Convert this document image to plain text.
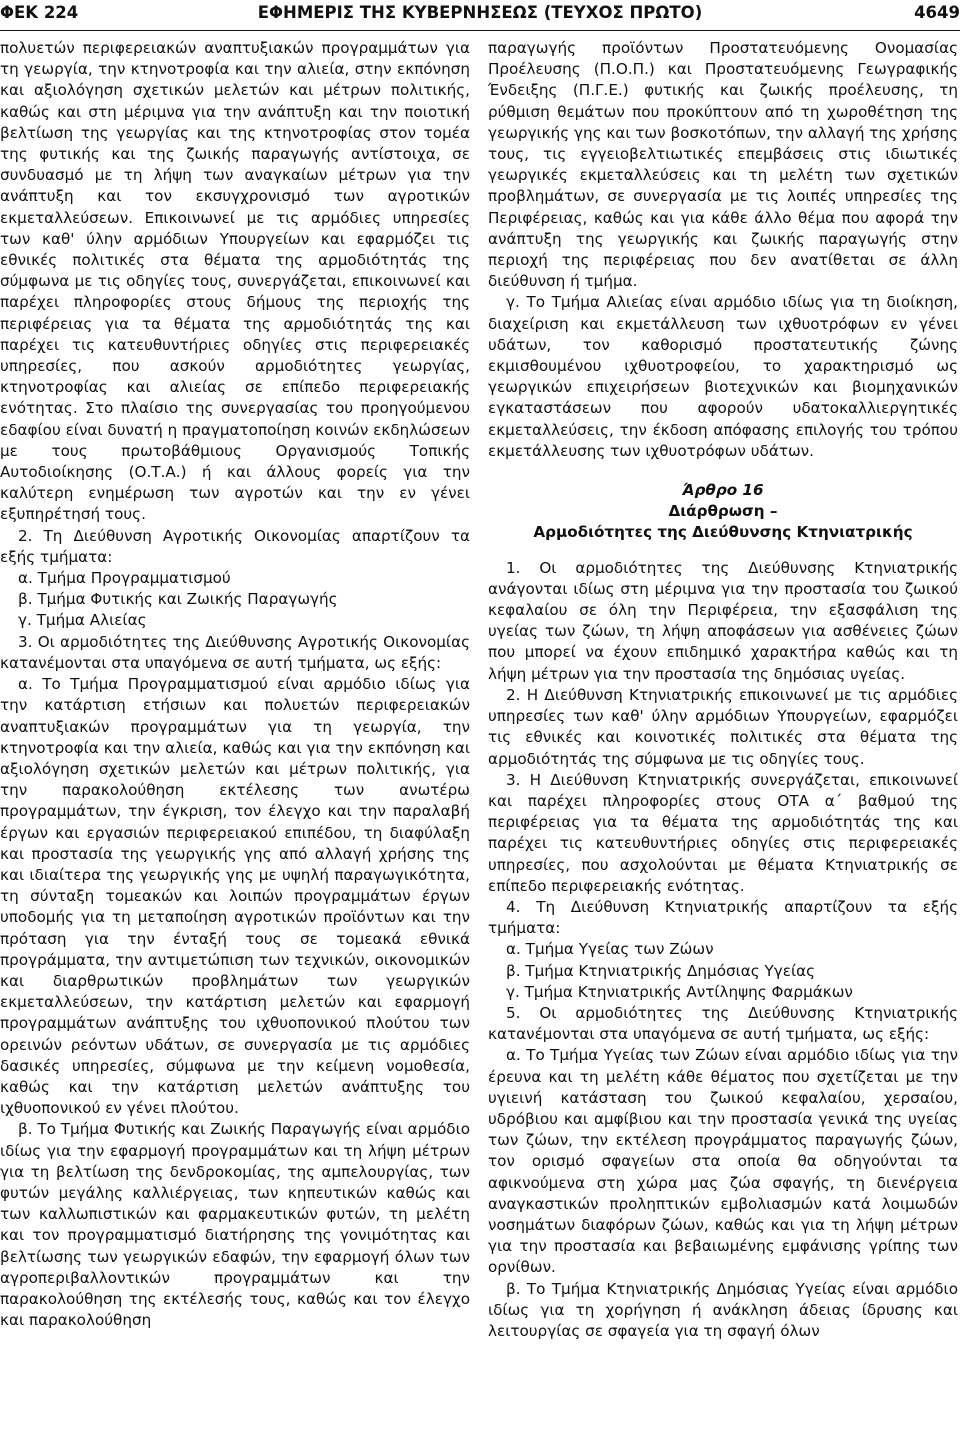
ΦΕΚ 224	ΕΦΗΜΕΡΙΣ ΤΗΣ ΚΥΒΕΡΝΗΣΕΩΣ (ΤΕΥΧΟΣ ΠΡΩΤΟ)	4649

πολυετών περιφερειακών αναπτυξιακών προγραμμάτων για τη γεωργία, την κτηνοτροφία και την αλιεία, στην εκπόνηση και αξιολόγηση σχετικών μελετών και μέτρων πολιτικής, καθώς και στη μέριμνα για την ανάπτυξη και την ποιοτική βελτίωση της γεωργίας και της κτηνοτροφίας στον τομέα της φυτικής και της ζωικής παραγωγής αντίστοιχα, σε συνδυασμό με τη λήψη των αναγκαίων μέτρων για την ανάπτυξη και τον εκσυγχρονισμό των αγροτικών εκμεταλλεύσεων. Επικοινωνεί με τις αρμόδιες υπηρεσίες των καθ' ύλην αρμόδιων Υπουργείων και εφαρμόζει τις εθνικές πολιτικές στα θέματα της αρμοδιότητάς της σύμφωνα με τις οδηγίες τους, συνεργάζεται, επικοινωνεί και παρέχει πληροφορίες στους δήμους της περιοχής της περιφέρειας για τα θέματα της αρμοδιότητάς της και παρέχει τις κατευθυντήριες οδηγίες στις περιφερειακές υπηρεσίες, που ασκούν αρμοδιότητες γεωργίας, κτηνοτροφίας και αλιείας σε επίπεδο περιφερειακής ενότητας. Στο πλαίσιο της συνεργασίας του προηγούμενου εδαφίου είναι δυνατή η πραγματοποίηση κοινών εκδηλώσεων με τους πρωτοβάθμιους Οργανισμούς Τοπικής Αυτοδιοίκησης (Ο.Τ.Α.) ή και άλλους φορείς για την καλύτερη ενημέρωση των αγροτών και την εν γένει εξυπηρέτησή τους.

2. Τη Διεύθυνση Αγροτικής Οικονομίας απαρτίζουν τα εξής τμήματα:

α. Τμήμα Προγραμματισμού

β. Τμήμα Φυτικής και Ζωικής Παραγωγής

γ. Τμήμα Αλιείας

3. Οι αρμοδιότητες της Διεύθυνσης Αγροτικής Οικονομίας κατανέμονται στα υπαγόμενα σε αυτή τμήματα, ως εξής:

α. Το Τμήμα Προγραμματισμού είναι αρμόδιο ιδίως για την κατάρτιση ετήσιων και πολυετών περιφερειακών αναπτυξιακών προγραμμάτων για τη γεωργία, την κτηνοτροφία και την αλιεία, καθώς και για την εκπόνηση και αξιολόγηση σχετικών μελετών και μέτρων πολιτικής, για την παρακολούθηση εκτέλεσης των ανωτέρω προγραμμάτων, την έγκριση, τον έλεγχο και την παραλαβή έργων και εργασιών περιφερειακού επιπέδου, τη διαφύλαξη και προστασία της γεωργικής γης από αλλαγή χρήσης της και ιδιαίτερα της γεωργικής γης με υψηλή παραγωγικότητα, τη σύνταξη τομεακών και λοιπών προγραμμάτων έργων υποδομής για τη μεταποίηση αγροτικών προϊόντων και την πρόταση για την ένταξή τους σε τομεακά εθνικά προγράμματα, την αντιμετώπιση των τεχνικών, οικονομικών και διαρθρωτικών προβλημάτων των γεωργικών εκμεταλλεύσεων, την κατάρτιση μελετών και εφαρμογή προγραμμάτων ανάπτυξης του ιχθυοπονικού πλούτου των ορεινών ρεόντων υδάτων, σε συνεργασία με τις αρμόδιες δασικές υπηρεσίες, σύμφωνα με την κείμενη νομοθεσία, καθώς και την κατάρτιση μελετών ανάπτυξης του ιχθυοπονικού εν γένει πλούτου.

β. Το Τμήμα Φυτικής και Ζωικής Παραγωγής είναι αρμόδιο ιδίως για την εφαρμογή προγραμμάτων και τη λήψη μέτρων για τη βελτίωση της δενδροκομίας, της αμπελουργίας, των φυτών μεγάλης καλλιέργειας, των κηπευτικών καθώς και των καλλωπιστικών και φαρμακευτικών φυτών, τη μελέτη και τον προγραμματισμό διατήρησης της γονιμότητας και βελτίωσης των γεωργικών εδαφών, την εφαρμογή όλων των αγροπεριβαλλοντικών προγραμμάτων και την παρακολούθηση της εκτέλεσής τους, καθώς και τον έλεγχο και παρακολούθηση

παραγωγής προϊόντων Προστατευόμενης Ονομασίας Προέλευσης (Π.Ο.Π.) και Προστατευόμενης Γεωγραφικής Ένδειξης (Π.Γ.Ε.) φυτικής και ζωικής προέλευσης, τη ρύθμιση θεμάτων που προκύπτουν από τη χωροθέτηση της γεωργικής γης και των βοσκοτόπων, την αλλαγή της χρήσης τους, τις εγγειοβελτιωτικές επεμβάσεις στις ιδιωτικές γεωργικές εκμεταλλεύσεις και τη μελέτη των σχετικών προβλημάτων, σε συνεργασία με τις λοιπές υπηρεσίες της Περιφέρειας, καθώς και για κάθε άλλο θέμα που αφορά την ανάπτυξη της γεωργικής και ζωικής παραγωγής στην περιοχή της περιφέρειας που δεν ανατίθεται σε άλλη διεύθυνση ή τμήμα.

γ. Το Τμήμα Αλιείας είναι αρμόδιο ιδίως για τη διοίκηση, διαχείριση και εκμετάλλευση των ιχθυοτρόφων εν γένει υδάτων, τον καθορισμό προστατευτικής ζώνης εκμισθουμένου ιχθυοτροφείου, το χαρακτηρισμό ως γεωργικών επιχειρήσεων βιοτεχνικών και βιομηχανικών εγκαταστάσεων που αφορούν υδατοκαλλιεργητικές εκμεταλλεύσεις, την έκδοση απόφασης επιλογής του τρόπου εκμετάλλευσης των ιχθυοτρόφων υδάτων.

Άρθρο 16
Διάρθρωση –
Αρμοδιότητες της Διεύθυνσης Κτηνιατρικής

1. Οι αρμοδιότητες της Διεύθυνσης Κτηνιατρικής ανάγονται ιδίως στη μέριμνα για την προστασία του ζωικού κεφαλαίου σε όλη την Περιφέρεια, την εξασφάλιση της υγείας των ζώων, τη λήψη αποφάσεων για ασθένειες ζώων που μπορεί να έχουν επιδημικό χαρακτήρα καθώς και τη λήψη μέτρων για την προστασία της δημόσιας υγείας.

2. Η Διεύθυνση Κτηνιατρικής επικοινωνεί με τις αρμόδιες υπηρεσίες των καθ' ύλην αρμόδιων Υπουργείων, εφαρμόζει τις εθνικές και κοινοτικές πολιτικές στα θέματα της αρμοδιότητάς της σύμφωνα με τις οδηγίες τους.

3. Η Διεύθυνση Κτηνιατρικής συνεργάζεται, επικοινωνεί και παρέχει πληροφορίες στους ΟΤΑ α΄ βαθμού της περιφέρειας για τα θέματα της αρμοδιότητάς της και παρέχει τις κατευθυντήριες οδηγίες στις περιφερειακές υπηρεσίες, που ασχολούνται με θέματα Κτηνιατρικής σε επίπεδο περιφερειακής ενότητας.

4. Τη Διεύθυνση Κτηνιατρικής απαρτίζουν τα εξής τμήματα:

α. Τμήμα Υγείας των Ζώων

β. Τμήμα Κτηνιατρικής Δημόσιας Υγείας

γ. Τμήμα Κτηνιατρικής Αντίληψης Φαρμάκων

5. Οι αρμοδιότητες της Διεύθυνσης Κτηνιατρικής κατανέμονται στα υπαγόμενα σε αυτή τμήματα, ως εξής:

α. Το Τμήμα Υγείας των Ζώων είναι αρμόδιο ιδίως για την έρευνα και τη μελέτη κάθε θέματος που σχετίζεται με την υγιεινή κατάσταση του ζωικού κεφαλαίου, χερσαίου, υδρόβιου και αμφίβιου και την προστασία γενικά της υγείας των ζώων, την εκτέλεση προγράμματος παραγωγής ζώων, τον ορισμό σφαγείων στα οποία θα οδηγούνται τα αφικνούμενα στη χώρα μας ζώα σφαγής, τη διενέργεια αναγκαστικών προληπτικών εμβολιασμών κατά λοιμωδών νοσημάτων διαφόρων ζώων, καθώς και για τη λήψη μέτρων για την προστασία και βεβαιωμένης εμφάνισης γρίπης των ορνίθων.

β. Το Τμήμα Κτηνιατρικής Δημόσιας Υγείας είναι αρμόδιο ιδίως για τη χορήγηση ή ανάκληση άδειας ίδρυσης και λειτουργίας σε σφαγεία για τη σφαγή όλων
